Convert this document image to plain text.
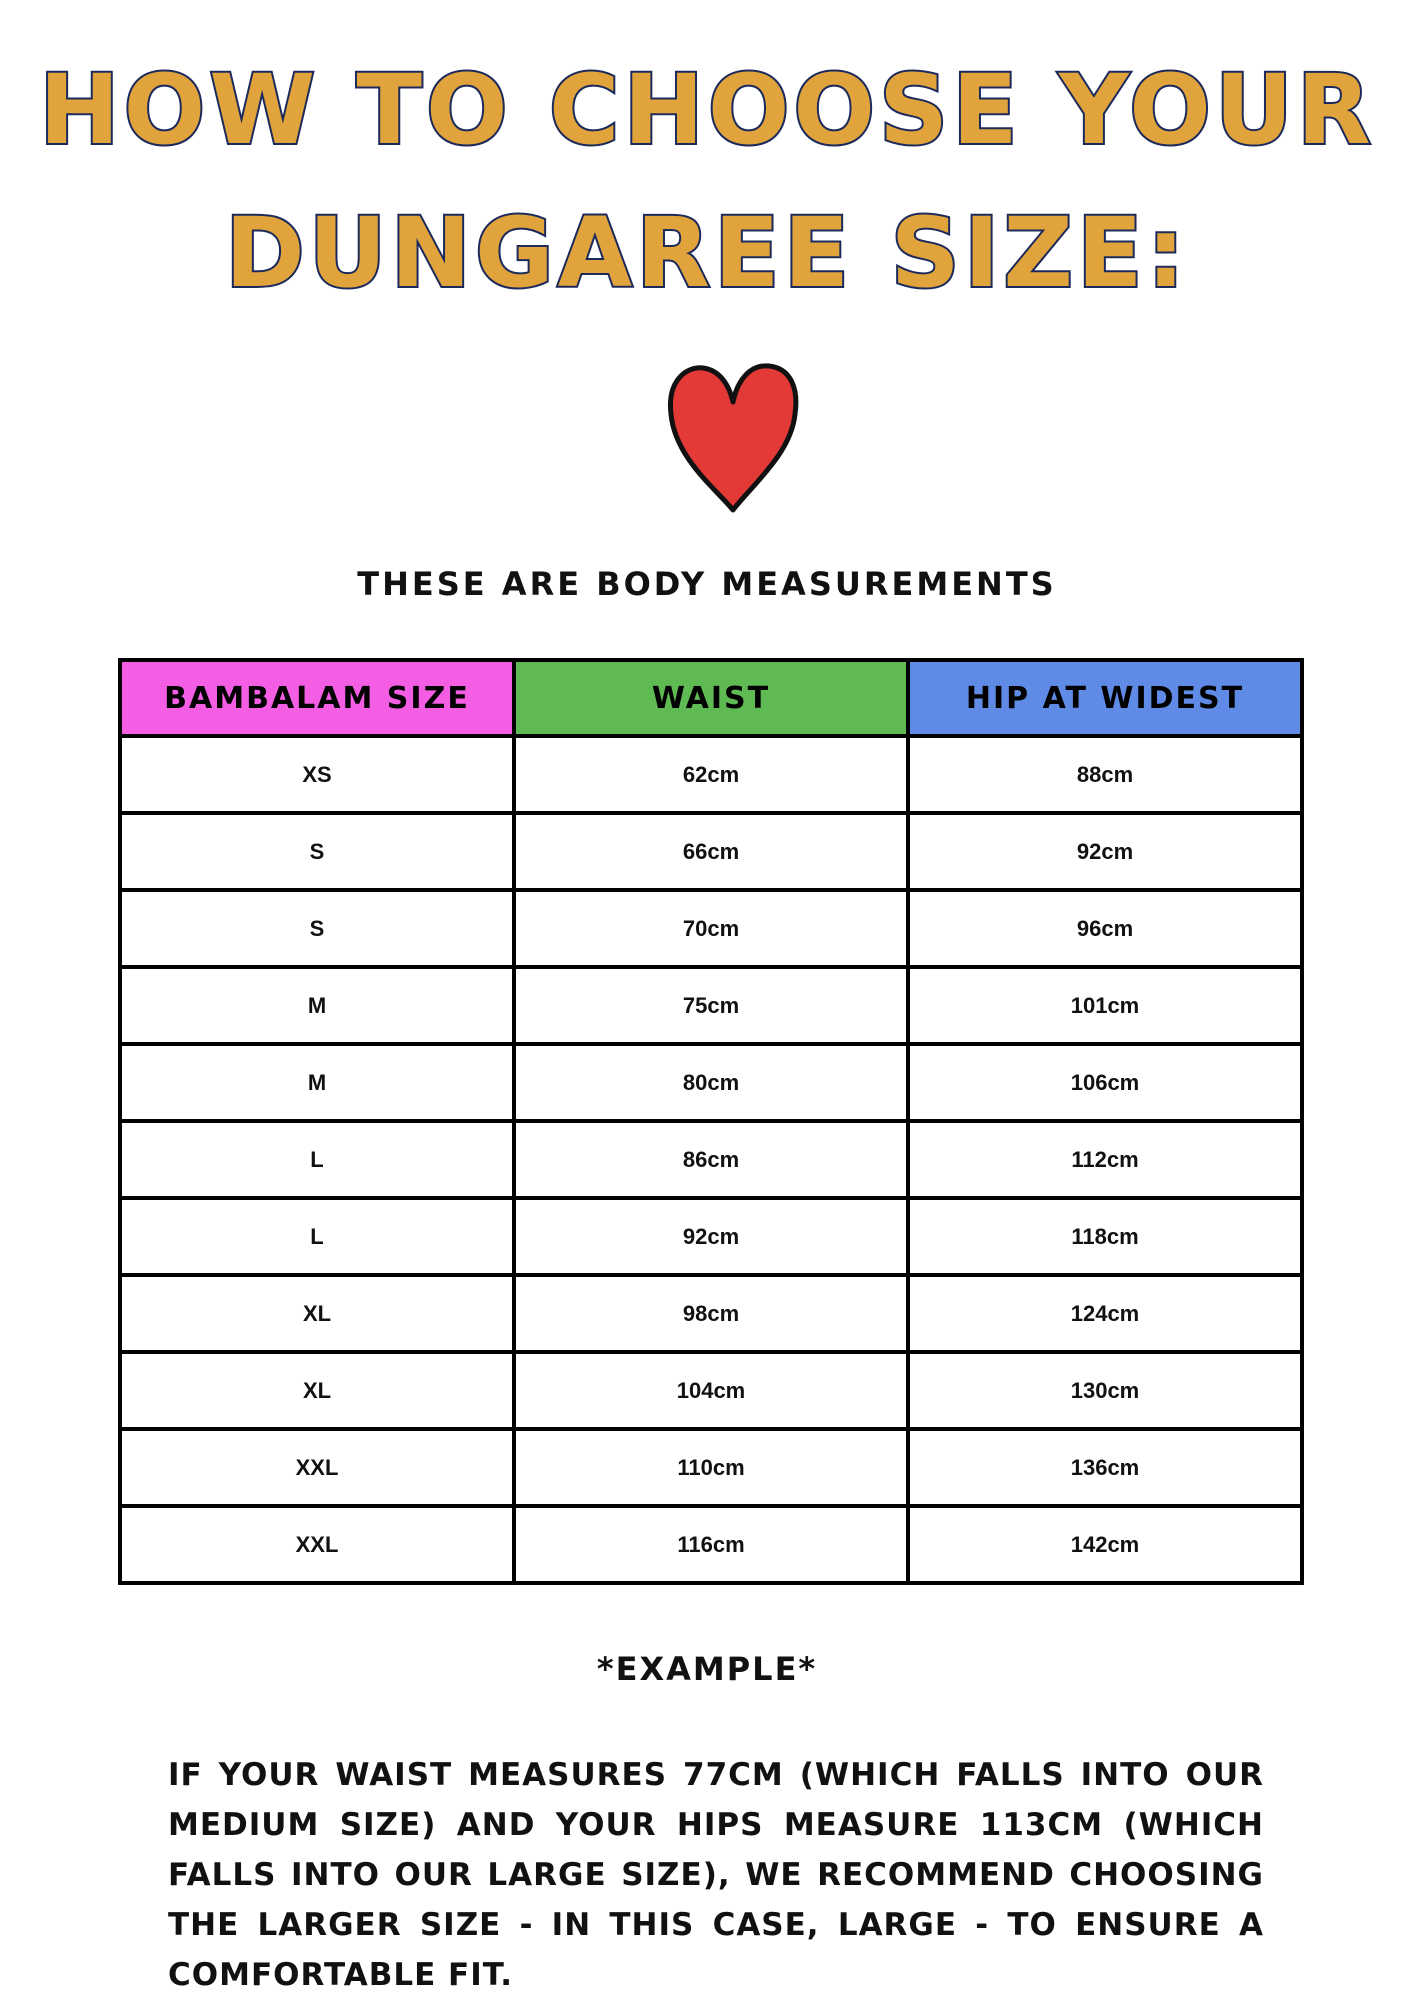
HOW TO CHOOSE YOUR
DUNGAREE SIZE:
THESE ARE BODY MEASUREMENTS
BAMBALAM SIZE	WAIST	HIP AT WIDEST
XS	62cm	88cm
S	66cm	92cm
S	70cm	96cm
M	75cm	101cm
M	80cm	106cm
L	86cm	112cm
L	92cm	118cm
XL	98cm	124cm
XL	104cm	130cm
XXL	110cm	136cm
XXL	116cm	142cm
*EXAMPLE*
IF YOUR WAIST MEASURES 77CM (WHICH FALLS INTO OUR MEDIUM SIZE) AND YOUR HIPS MEASURE 113CM (WHICH FALLS INTO OUR LARGE SIZE), WE RECOMMEND CHOOSING THE LARGER SIZE - IN THIS CASE, LARGE - TO ENSURE A COMFORTABLE FIT.
